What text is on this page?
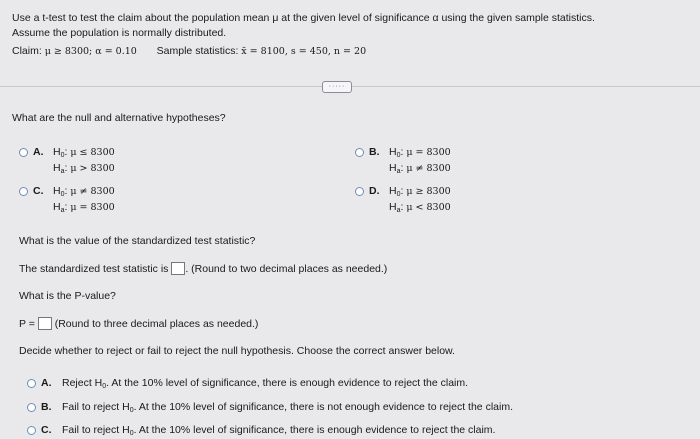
Use a t-test to test the claim about the population mean μ at the given level of significance α using the given sample statistics.
Assume the population is normally distributed.
Claim: μ ≥ 8300; α = 0.10 Sample statistics: x̄ = 8100, s = 450, n = 20
·····
What are the null and alternative hypotheses?
A. $H_0$: μ ≤ 8300
$H_a$: μ > 8300
B. $H_0$: μ = 8300
$H_a$: μ ≠ 8300
C. $H_0$: μ ≠ 8300
$H_a$: μ = 8300
D. $H_0$: μ ≥ 8300
$H_a$: μ < 8300
What is the value of the standardized test statistic?
The standardized test statistic is . (Round to two decimal places as needed.)
What is the P-value?
P = (Round to three decimal places as needed.)
Decide whether to reject or fail to reject the null hypothesis. Choose the correct answer below.
A. Reject $H_0$. At the 10% level of significance, there is enough evidence to reject the claim.
B. Fail to reject $H_0$. At the 10% level of significance, there is not enough evidence to reject the claim.
C. Fail to reject $H_0$. At the 10% level of significance, there is enough evidence to reject the claim.
